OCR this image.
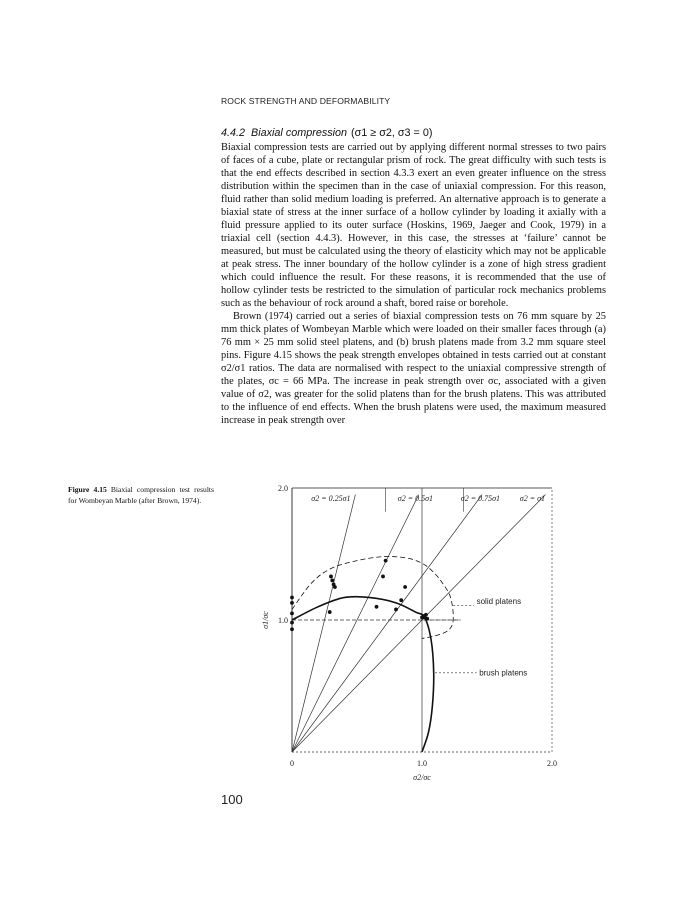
ROCK STRENGTH AND DEFORMABILITY
4.4.2 Biaxial compression (σ1 ≥ σ2, σ3 = 0)

Biaxial compression tests are carried out by applying different normal stresses to two pairs of faces of a cube, plate or rectangular prism of rock. The great difficulty with such tests is that the end effects described in section 4.3.3 exert an even greater influence on the stress distribution within the specimen than in the case of uniaxial compression. For this reason, fluid rather than solid medium loading is preferred. An alternative approach is to generate a biaxial state of stress at the inner surface of a hollow cylinder by loading it axially with a fluid pressure applied to its outer surface (Hoskins, 1969, Jaeger and Cook, 1979) in a triaxial cell (section 4.4.3). However, in this case, the stresses at ‘failure’ cannot be measured, but must be calculated using the theory of elasticity which may not be applicable at peak stress. The inner boundary of the hollow cylinder is a zone of high stress gradient which could influence the result. For these reasons, it is recommended that the use of hollow cylinder tests be restricted to the simulation of particular rock mechanics problems such as the behaviour of rock around a shaft, bored raise or borehole.

Brown (1974) carried out a series of biaxial compression tests on 76 mm square by 25 mm thick plates of Wombeyan Marble which were loaded on their smaller faces through (a) 76 mm × 25 mm solid steel platens, and (b) brush platens made from 3.2 mm square steel pins. Figure 4.15 shows the peak strength envelopes obtained in tests carried out at constant σ2/σ1 ratios. The data are normalised with respect to the uniaxial compressive strength of the plates, σc = 66 MPa. The increase in peak strength over σc, associated with a given value of σ2, was greater for the solid platens than for the brush platens. This was attributed to the influence of end effects. When the brush platens were used, the maximum measured increase in peak strength over

Figure 4.15 Biaxial compression test results for Wombeyan Marble (after Brown, 1974).
0	1.0	2.0
1.0
2.0
σ2/σc
σ1/σc
σ2 = 0.25σ1	σ2 = 0.5σ1	σ2 = 0.75σ1 σ2 = σ1
solid platens
brush platens
100
